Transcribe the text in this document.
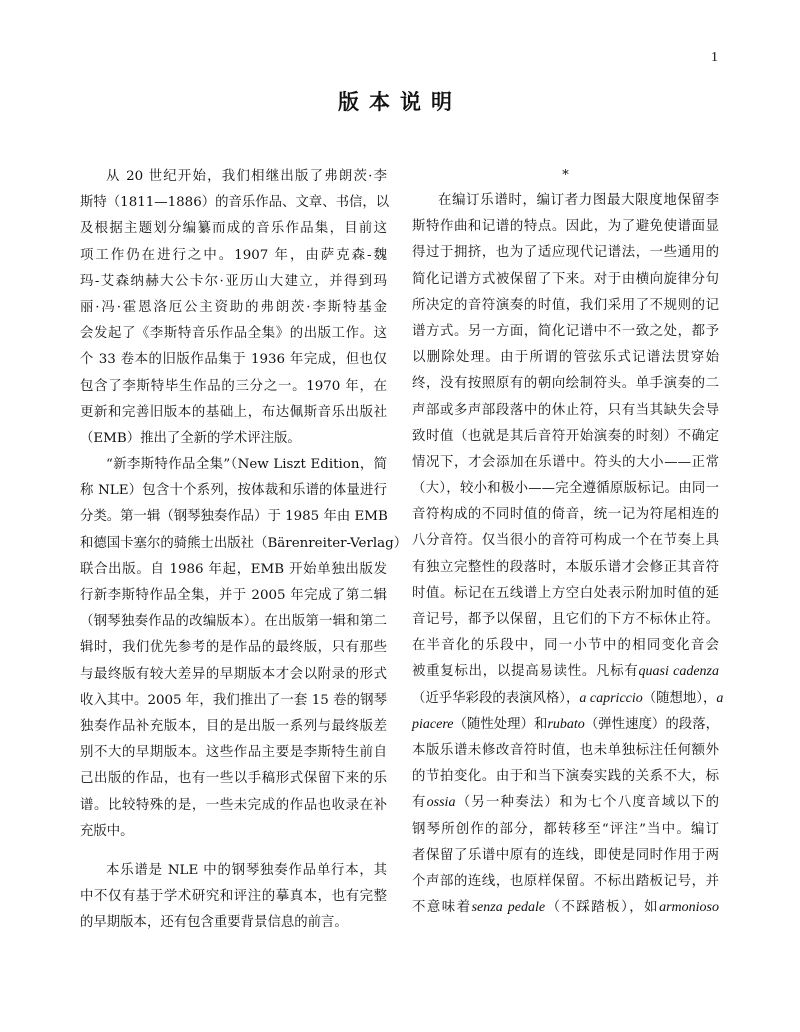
1
版本说明
从 20 世纪开始，我们相继出版了弗朗茨·李
斯特（1811—1886）的音乐作品、文章、书信，以
及根据主题划分编纂而成的音乐作品集，目前这
项工作仍在进行之中。1907 年，由萨克森-魏
玛-艾森纳赫大公卡尔·亚历山大建立，并得到玛
丽·冯·霍恩洛厄公主资助的弗朗茨·李斯特基金
会发起了《李斯特音乐作品全集》的出版工作。这
个 33 卷本的旧版作品集于 1936 年完成，但也仅
包含了李斯特毕生作品的三分之一。1970 年，在
更新和完善旧版本的基础上，布达佩斯音乐出版社
（EMB）推出了全新的学术评注版。
“新李斯特作品全集”（New Liszt Edition，简
称 NLE）包含十个系列，按体裁和乐谱的体量进行
分类。第一辑（钢琴独奏作品）于 1985 年由 EMB
和德国卡塞尔的骑熊士出版社（Bärenreiter-Verlag）
联合出版。自 1986 年起，EMB 开始单独出版发
行新李斯特作品全集，并于 2005 年完成了第二辑
（钢琴独奏作品的改编版本）。在出版第一辑和第二
辑时，我们优先参考的是作品的最终版，只有那些
与最终版有较大差异的早期版本才会以附录的形式
收入其中。2005 年，我们推出了一套 15 卷的钢琴
独奏作品补充版本，目的是出版一系列与最终版差
别不大的早期版本。这些作品主要是李斯特生前自
己出版的作品，也有一些以手稿形式保留下来的乐
谱。比较特殊的是，一些未完成的作品也收录在补
充版中。
本乐谱是 NLE 中的钢琴独奏作品单行本，其
中不仅有基于学术研究和评注的摹真本，也有完整
的早期版本，还有包含重要背景信息的前言。
*
在编订乐谱时，编订者力图最大限度地保留李
斯特作曲和记谱的特点。因此，为了避免使谱面显
得过于拥挤，也为了适应现代记谱法，一些通用的
简化记谱方式被保留了下来。对于由横向旋律分句
所决定的音符演奏的时值，我们采用了不规则的记
谱方式。另一方面，简化记谱中不一致之处，都予
以删除处理。由于所谓的管弦乐式记谱法贯穿始
终，没有按照原有的朝向绘制符头。单手演奏的二
声部或多声部段落中的休止符，只有当其缺失会导
致时值（也就是其后音符开始演奏的时刻）不确定
情况下，才会添加在乐谱中。符头的大小——正常
（大），较小和极小——完全遵循原版标记。由同一
音符构成的不同时值的倚音，统一记为符尾相连的
八分音符。仅当很小的音符可构成一个在节奏上具
有独立完整性的段落时，本版乐谱才会修正其音符
时值。标记在五线谱上方空白处表示附加时值的延
音记号，都予以保留，且它们的下方不标休止符。
在半音化的乐段中，同一小节中的相同变化音会
被重复标出，以提高易读性。凡标有quasi cadenza
（近乎华彩段的表演风格），a capriccio（随想地），a
piacere（随性处理）和rubato（弹性速度）的段落，
本版乐谱未修改音符时值，也未单独标注任何额外
的节拍变化。由于和当下演奏实践的关系不大，标
有ossia（另一种奏法）和为七个八度音域以下的
钢琴所创作的部分，都转移至“评注”当中。编订
者保留了乐谱中原有的连线，即使是同时作用于两
个声部的连线，也原样保留。不标出踏板记号，并
不意味着senza pedale（不踩踏板），如armonioso
